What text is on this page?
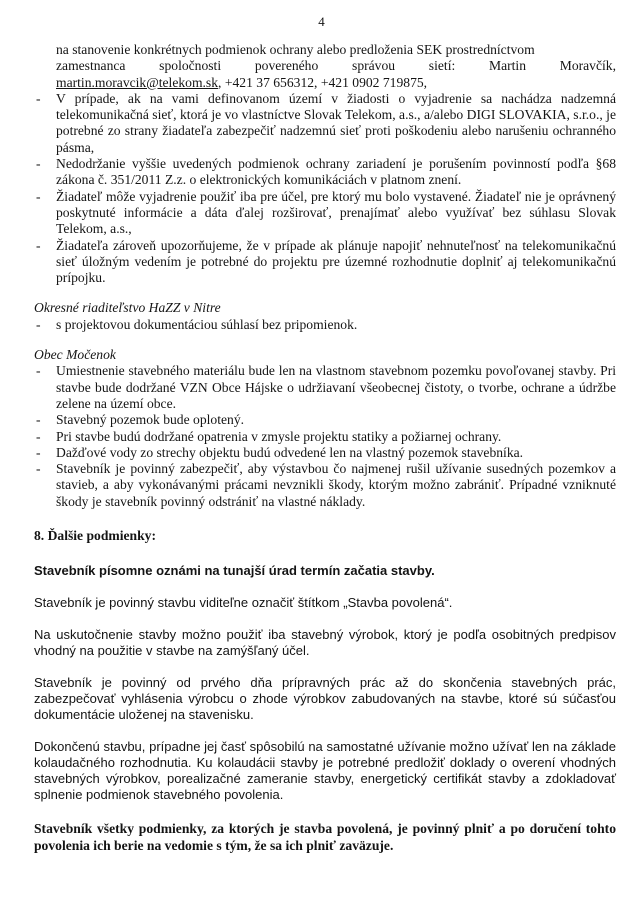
4
na stanovenie konkrétnych podmienok ochrany alebo predloženia SEK prostredníctvom
zamestnanca spoločnosti povereného správou sietí: Martin Moravčík,
martin.moravcik@telekom.sk, +421 37 656312, +421 0902 719875,
- V prípade, ak na vami definovanom území v žiadosti o vyjadrenie sa nachádza nadzemná telekomunikačná sieť, ktorá je vo vlastníctve Slovak Telekom, a.s., a/alebo DIGI SLOVAKIA, s.r.o., je potrebné zo strany žiadateľa zabezpečiť nadzemnú sieť proti poškodeniu alebo narušeniu ochranného pásma,
- Nedodržanie vyššie uvedených podmienok ochrany zariadení je porušením povinností podľa §68 zákona č. 351/2011 Z.z. o elektronických komunikáciách v platnom znení.
- Žiadateľ môže vyjadrenie použiť iba pre účel, pre ktorý mu bolo vystavené. Žiadateľ nie je oprávnený poskytnuté informácie a dáta ďalej rozširovať, prenajímať alebo využívať bez súhlasu Slovak Telekom, a.s.,
- Žiadateľa zároveň upozorňujeme, že v prípade ak plánuje napojiť nehnuteľnosť na telekomunikačnú sieť úložným vedením je potrebné do projektu pre územné rozhodnutie doplniť aj telekomunikačnú prípojku.
Okresné riaditeľstvo HaZZ v Nitre
- s projektovou dokumentáciou súhlasí bez pripomienok.
Obec Močenok
- Umiestnenie stavebného materiálu bude len na vlastnom stavebnom pozemku povoľovanej stavby. Pri stavbe bude dodržané VZN Obce Hájske o udržiavaní všeobecnej čistoty, o tvorbe, ochrane a údržbe zelene na území obce.
- Stavebný pozemok bude oplotený.
- Pri stavbe budú dodržané opatrenia v zmysle projektu statiky a požiarnej ochrany.
- Dažďové vody zo strechy objektu budú odvedené len na vlastný pozemok stavebníka.
- Stavebník je povinný zabezpečiť, aby výstavbou čo najmenej rušil užívanie susedných pozemkov a stavieb, a aby vykonávanými prácami nevznikli škody, ktorým možno zabrániť. Prípadné vzniknuté škody je stavebník povinný odstrániť na vlastné náklady.
8. Ďalšie podmienky:
Stavebník písomne oznámi na tunajší úrad termín začatia stavby.

Stavebník je povinný stavbu viditeľne označiť štítkom „Stavba povolená“.

Na uskutočnenie stavby možno použiť iba stavebný výrobok, ktorý je podľa osobitných predpisov vhodný na použitie v stavbe na zamýšľaný účel.

Stavebník je povinný od prvého dňa prípravných prác až do skončenia stavebných prác, zabezpečovať vyhlásenia výrobcu o zhode výrobkov zabudovaných na stavbe, ktoré sú súčasťou dokumentácie uloženej na stavenisku.

Dokončenú stavbu, prípadne jej časť spôsobilú na samostatné užívanie možno užívať len na základe kolaudačného rozhodnutia. Ku kolaudácii stavby je potrebné predložiť doklady o overení vhodných stavebných výrobkov, porealizačné zameranie stavby, energetický certifikát stavby a zdokladovať splnenie podmienok stavebného povolenia.

Stavebník všetky podmienky, za ktorých je stavba povolená, je povinný plniť a po doručení tohto povolenia ich berie na vedomie s tým, že sa ich plniť zaväzuje.
